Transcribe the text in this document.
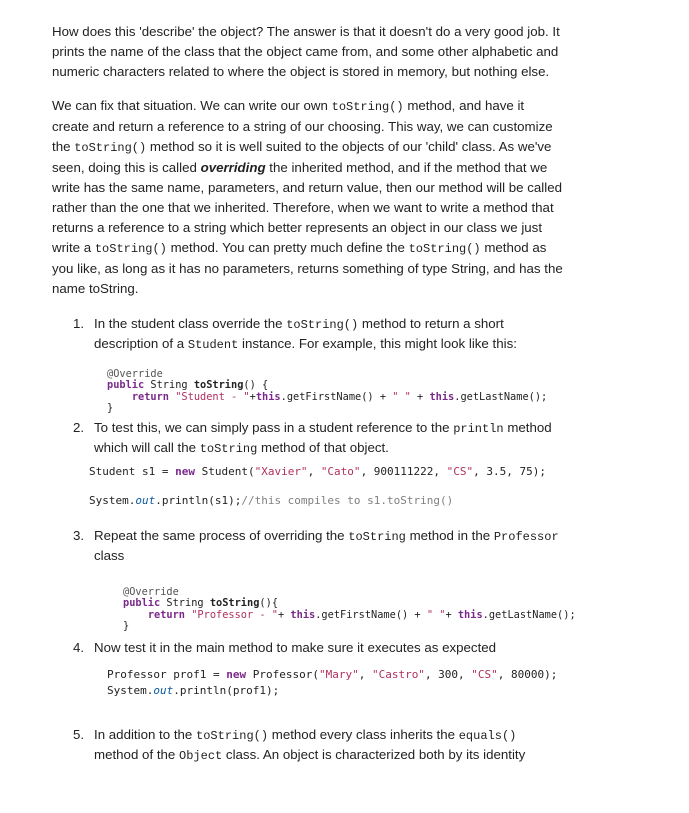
How does this 'describe' the object? The answer is that it doesn't do a very good job. It
prints the name of the class that the object came from, and some other alphabetic and
numeric characters related to where the object is stored in memory, but nothing else.
We can fix that situation. We can write our own toString() method, and have it
create and return a reference to a string of our choosing. This way, we can customize
the toString() method so it is well suited to the objects of our 'child' class. As we've
seen, doing this is called overriding the inherited method, and if the method that we
write has the same name, parameters, and return value, then our method will be called
rather than the one that we inherited. Therefore, when we want to write a method that
returns a reference to a string which better represents an object in our class we just
write a toString() method. You can pretty much define the toString() method as
you like, as long as it has no parameters, returns something of type String, and has the
name toString.
1. In the student class override the toString() method to return a short
description of a Student instance. For example, this might look like this:

@Override
public String toString() {
return "Student - "+this.getFirstName() + " " + this.getLastName();
}

2. To test this, we can simply pass in a student reference to the println method
which will call the toString method of that object.
Student s1 = new Student("Xavier", "Cato", 900111222, "CS", 3.5, 75);
System.out.println(s1);//this compiles to s1.toString()
3. Repeat the same process of overriding the toString method in the Professor
class

@Override
public String toString(){
return "Professor - "+ this.getFirstName() + " "+ this.getLastName();
}

4. Now test it in the main method to make sure it executes as expected
Professor prof1 = new Professor("Mary", "Castro", 300, "CS", 80000);
System.out.println(prof1);
5. In addition to the toString() method every class inherits the equals()
method of the Object class. An object is characterized both by its identity
